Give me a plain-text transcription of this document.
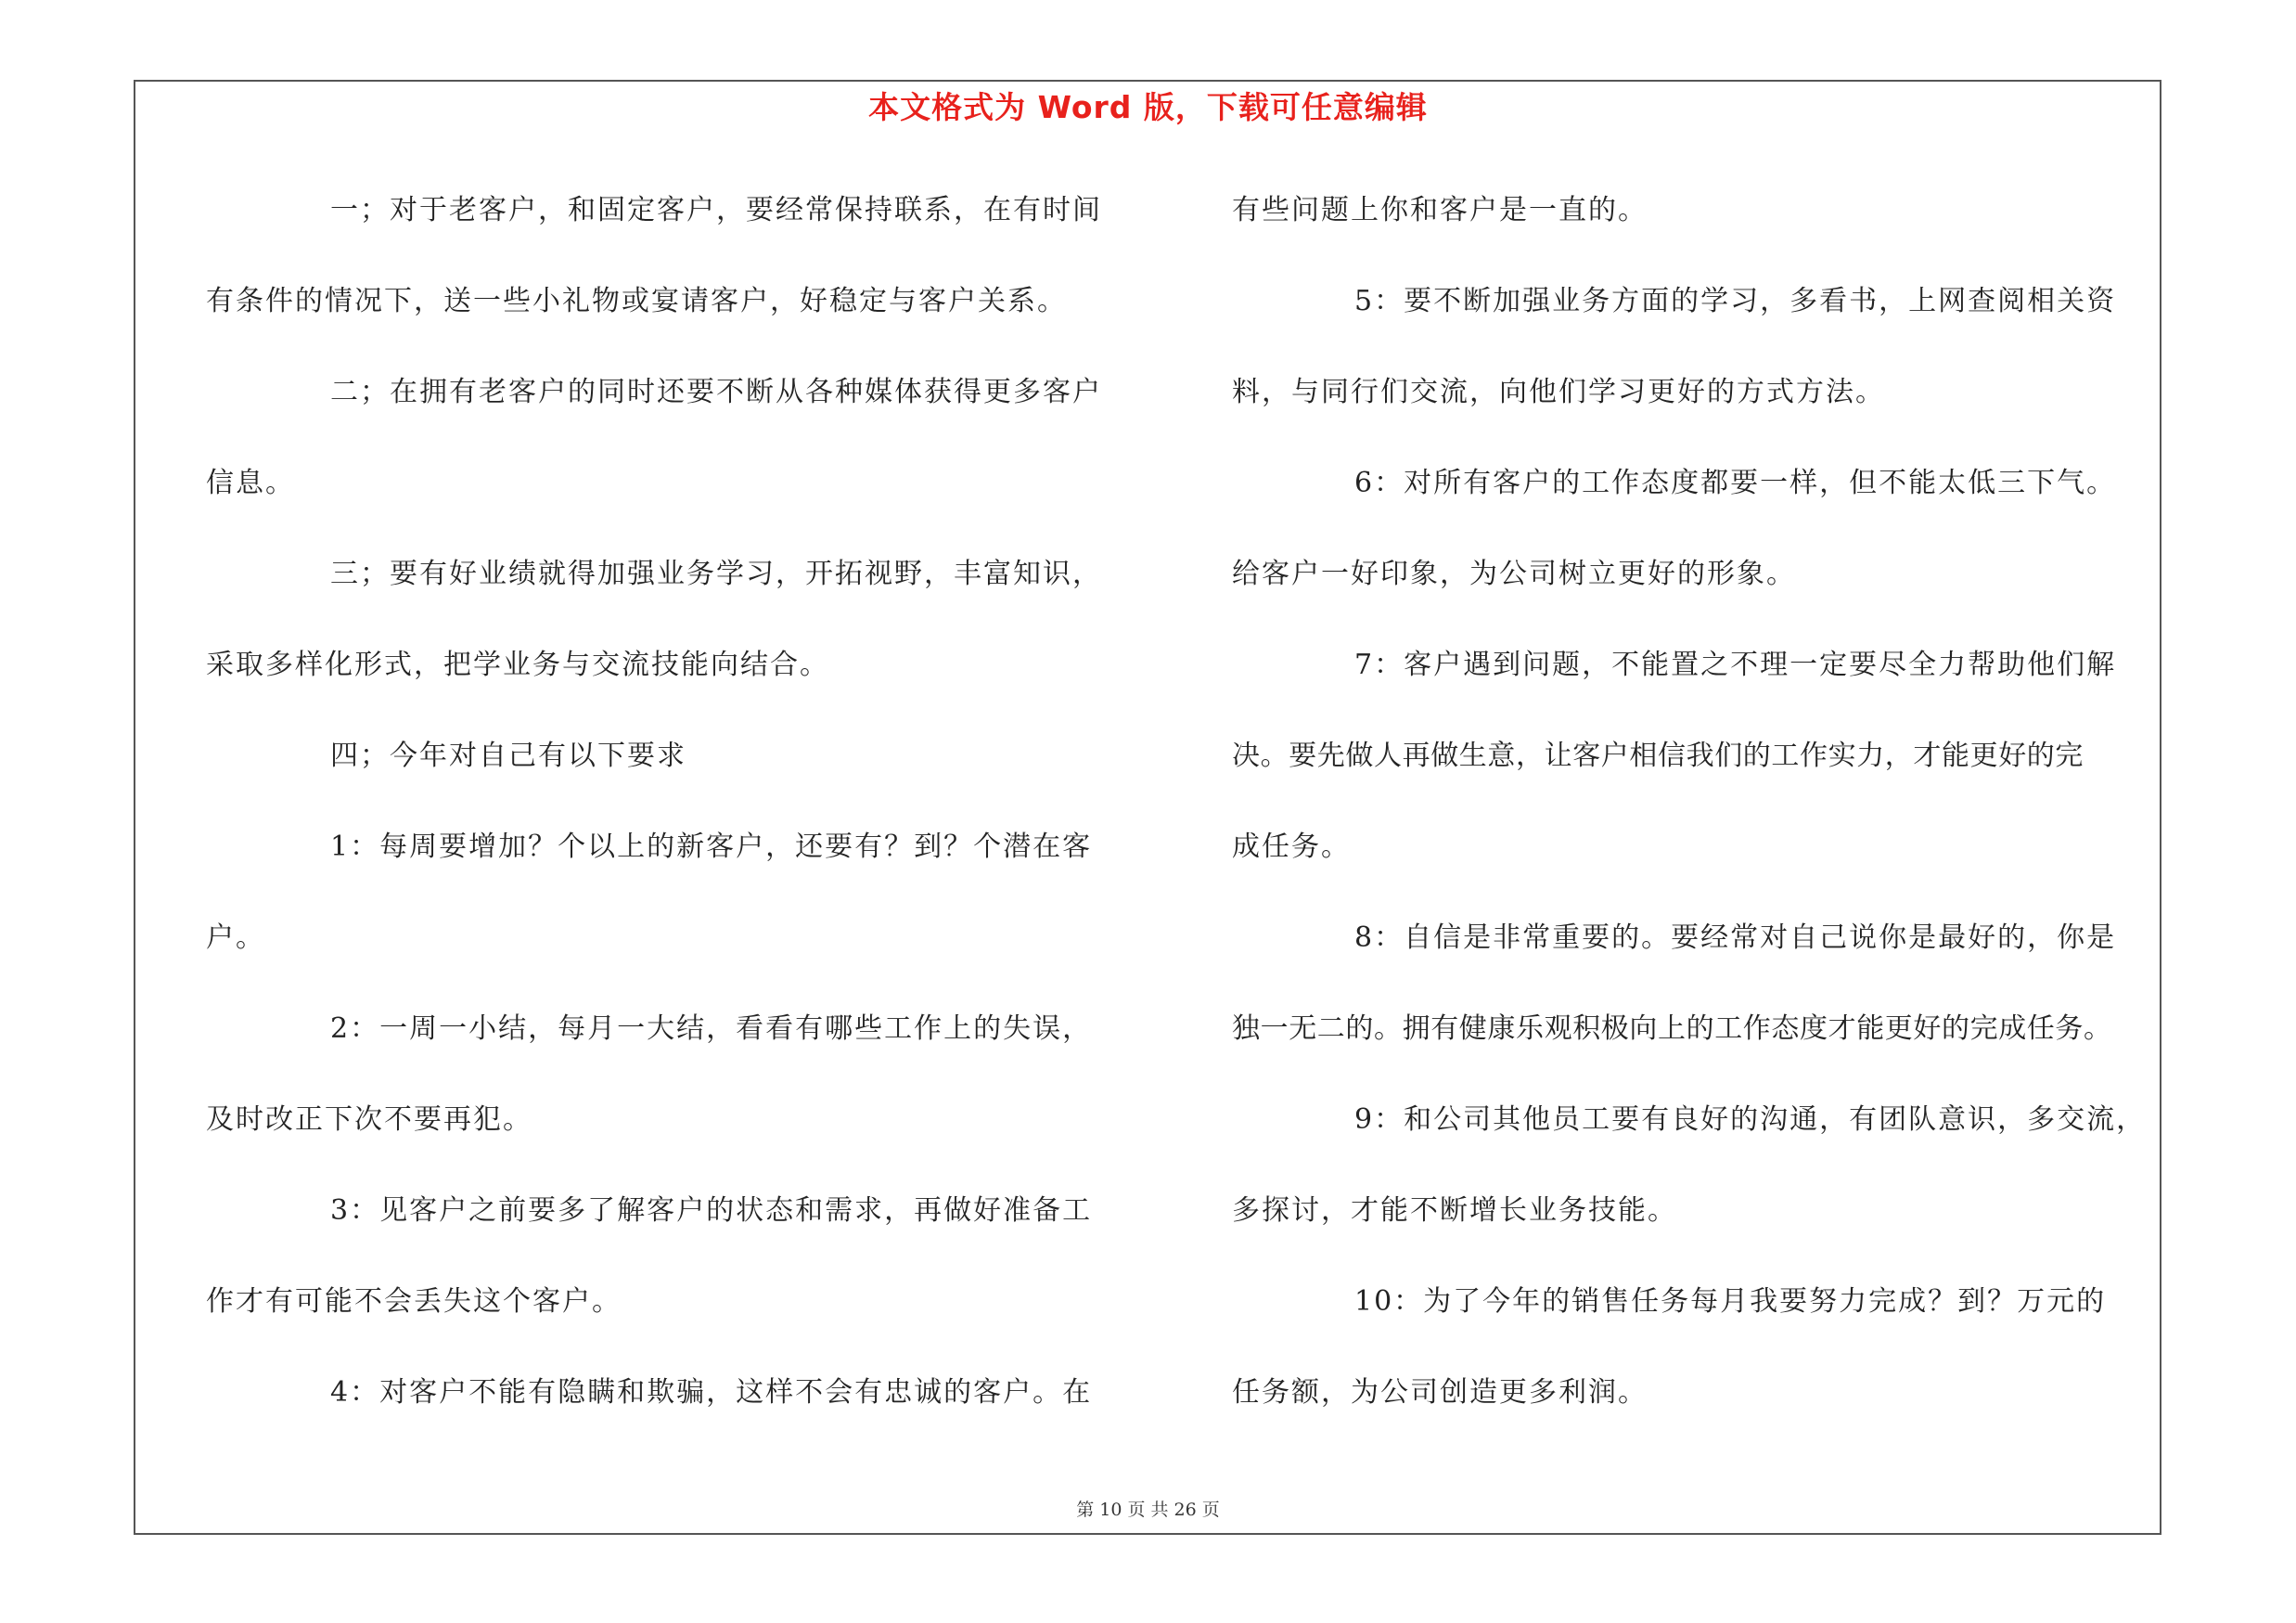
本文格式为 Word 版，下载可任意编辑
一；对于老客户，和固定客户，要经常保持联系，在有时间
有条件的情况下，送一些小礼物或宴请客户，好稳定与客户关系。
二；在拥有老客户的同时还要不断从各种媒体获得更多客户
信息。
三；要有好业绩就得加强业务学习，开拓视野，丰富知识，
采取多样化形式，把学业务与交流技能向结合。
四；今年对自己有以下要求
1：每周要增加？个以上的新客户，还要有？到？个潜在客
户。
2：一周一小结，每月一大结，看看有哪些工作上的失误，
及时改正下次不要再犯。
3：见客户之前要多了解客户的状态和需求，再做好准备工
作才有可能不会丢失这个客户。
4：对客户不能有隐瞒和欺骗，这样不会有忠诚的客户。在
有些问题上你和客户是一直的。
5：要不断加强业务方面的学习，多看书，上网查阅相关资
料，与同行们交流，向他们学习更好的方式方法。
6：对所有客户的工作态度都要一样，但不能太低三下气。
给客户一好印象，为公司树立更好的形象。
7：客户遇到问题，不能置之不理一定要尽全力帮助他们解
决。要先做人再做生意，让客户相信我们的工作实力，才能更好的完
成任务。
8：自信是非常重要的。要经常对自己说你是最好的，你是
独一无二的。拥有健康乐观积极向上的工作态度才能更好的完成任务。
9：和公司其他员工要有良好的沟通，有团队意识，多交流，
多探讨，才能不断增长业务技能。
10：为了今年的销售任务每月我要努力完成？到？万元的
任务额，为公司创造更多利润。
第 10 页 共 26 页
